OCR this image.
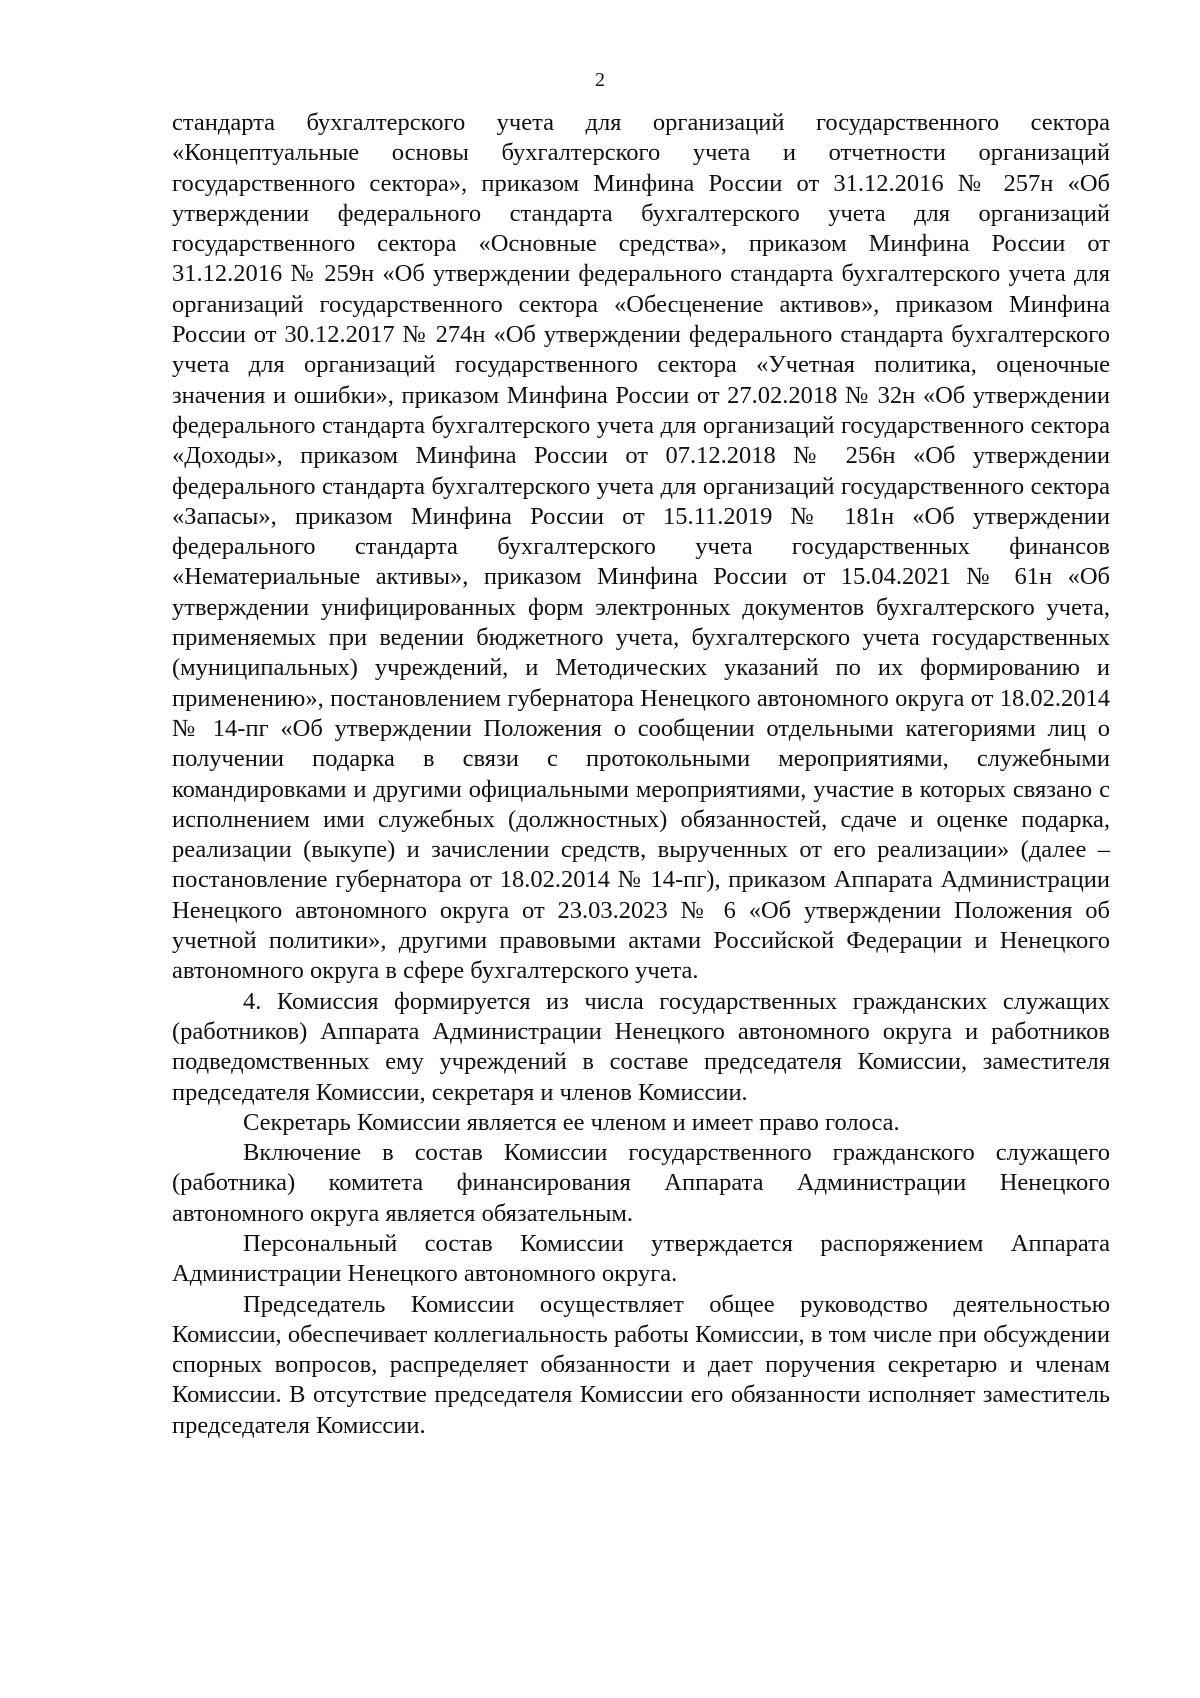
2

стандарта бухгалтерского учета для организаций государственного сектора «Концептуальные основы бухгалтерского учета и отчетности организаций государственного сектора», приказом Минфина России от 31.12.2016 № 257н «Об утверждении федерального стандарта бухгалтерского учета для организаций государственного сектора «Основные средства», приказом Минфина России от 31.12.2016 № 259н «Об утверждении федерального стандарта бухгалтерского учета для организаций государственного сектора «Обесценение активов», приказом Минфина России от 30.12.2017 № 274н «Об утверждении федерального стандарта бухгалтерского учета для организаций государственного сектора «Учетная политика, оценочные значения и ошибки», приказом Минфина России от 27.02.2018 № 32н «Об утверждении федерального стандарта бухгалтерского учета для организаций государственного сектора «Доходы», приказом Минфина России от 07.12.2018 № 256н «Об утверждении федерального стандарта бухгалтерского учета для организаций государственного сектора «Запасы», приказом Минфина России от 15.11.2019 № 181н «Об утверждении федерального стандарта бухгалтерского учета государственных финансов «Нематериальные активы», приказом Минфина России от 15.04.2021 № 61н «Об утверждении унифицированных форм электронных документов бухгалтерского учета, применяемых при ведении бюджетного учета, бухгалтерского учета государственных (муниципальных) учреждений, и Методических указаний по их формированию и применению», постановлением губернатора Ненецкого автономного округа от 18.02.2014 № 14-пг «Об утверждении Положения о сообщении отдельными категориями лиц о получении подарка в связи с протокольными мероприятиями, служебными командировками и другими официальными мероприятиями, участие в которых связано с исполнением ими служебных (должностных) обязанностей, сдаче и оценке подарка, реализации (выкупе) и зачислении средств, вырученных от его реализации» (далее – постановление губернатора от 18.02.2014 № 14-пг), приказом Аппарата Администрации Ненецкого автономного округа от 23.03.2023 № 6 «Об утверждении Положения об учетной политики», другими правовыми актами Российской Федерации и Ненецкого автономного округа в сфере бухгалтерского учета.

4. Комиссия формируется из числа государственных гражданских служащих (работников) Аппарата Администрации Ненецкого автономного округа и работников подведомственных ему учреждений в составе председателя Комиссии, заместителя председателя Комиссии, секретаря и членов Комиссии.

Секретарь Комиссии является ее членом и имеет право голоса.

Включение в состав Комиссии государственного гражданского служащего (работника) комитета финансирования Аппарата Администрации Ненецкого автономного округа является обязательным.

Персональный состав Комиссии утверждается распоряжением Аппарата Администрации Ненецкого автономного округа.

Председатель Комиссии осуществляет общее руководство деятельностью Комиссии, обеспечивает коллегиальность работы Комиссии, в том числе при обсуждении спорных вопросов, распределяет обязанности и дает поручения секретарю и членам Комиссии. В отсутствие председателя Комиссии его обязанности исполняет заместитель председателя Комиссии.
